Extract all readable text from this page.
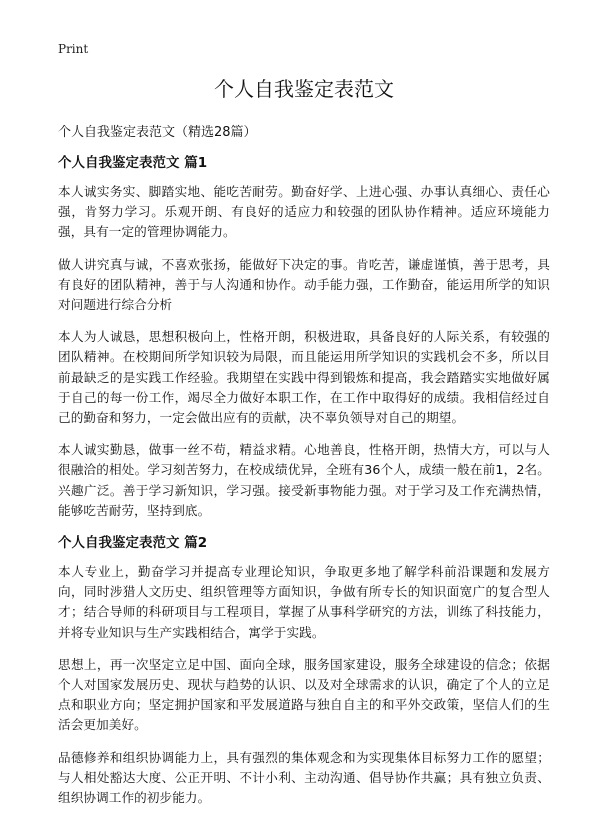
Print
个人自我鉴定表范文
个人自我鉴定表范文（精选28篇）
个人自我鉴定表范文 篇1

本人诚实务实、脚踏实地、能吃苦耐劳。勤奋好学、上进心强、办事认真细心、责任心强，肯努力学习。乐观开朗、有良好的适应力和较强的团队协作精神。适应环境能力强，具有一定的管理协调能力。

做人讲究真与诚，不喜欢张扬，能做好下决定的事。肯吃苦，谦虚谨慎，善于思考，具有良好的团队精神，善于与人沟通和协作。动手能力强，工作勤奋，能运用所学的知识对问题进行综合分析

本人为人诚恳，思想积极向上，性格开朗，积极进取，具备良好的人际关系，有较强的团队精神。在校期间所学知识较为局限，而且能运用所学知识的实践机会不多，所以目前最缺乏的是实践工作经验。我期望在实践中得到锻炼和提高，我会踏踏实实地做好属于自己的每一份工作，竭尽全力做好本职工作，在工作中取得好的成绩。我相信经过自己的勤奋和努力，一定会做出应有的贡献，决不辜负领导对自己的期望。

本人诚实勤恳，做事一丝不苟，精益求精。心地善良，性格开朗，热情大方，可以与人很融洽的相处。学习刻苦努力，在校成绩优异，全班有36个人，成绩一般在前1，2名。兴趣广泛。善于学习新知识，学习强。接受新事物能力强。对于学习及工作充满热情，能够吃苦耐劳，坚持到底。

个人自我鉴定表范文 篇2

本人专业上，勤奋学习并提高专业理论知识，争取更多地了解学科前沿课题和发展方向，同时涉猎人文历史、组织管理等方面知识，争做有所专长的知识面宽广的复合型人才；结合导师的科研项目与工程项目，掌握了从事科学研究的方法，训练了科技能力，并将专业知识与生产实践相结合，寓学于实践。

思想上，再一次坚定立足中国、面向全球，服务国家建设，服务全球建设的信念；依据个人对国家发展历史、现状与趋势的认识、以及对全球需求的认识，确定了个人的立足点和职业方向；坚定拥护国家和平发展道路与独自自主的和平外交政策，坚信人们的生活会更加美好。

品德修养和组织协调能力上，具有强烈的集体观念和为实现集体目标努力工作的愿望；与人相处豁达大度、公正开明、不计小利、主动沟通、倡导协作共赢；具有独立负责、组织协调工作的初步能力。
